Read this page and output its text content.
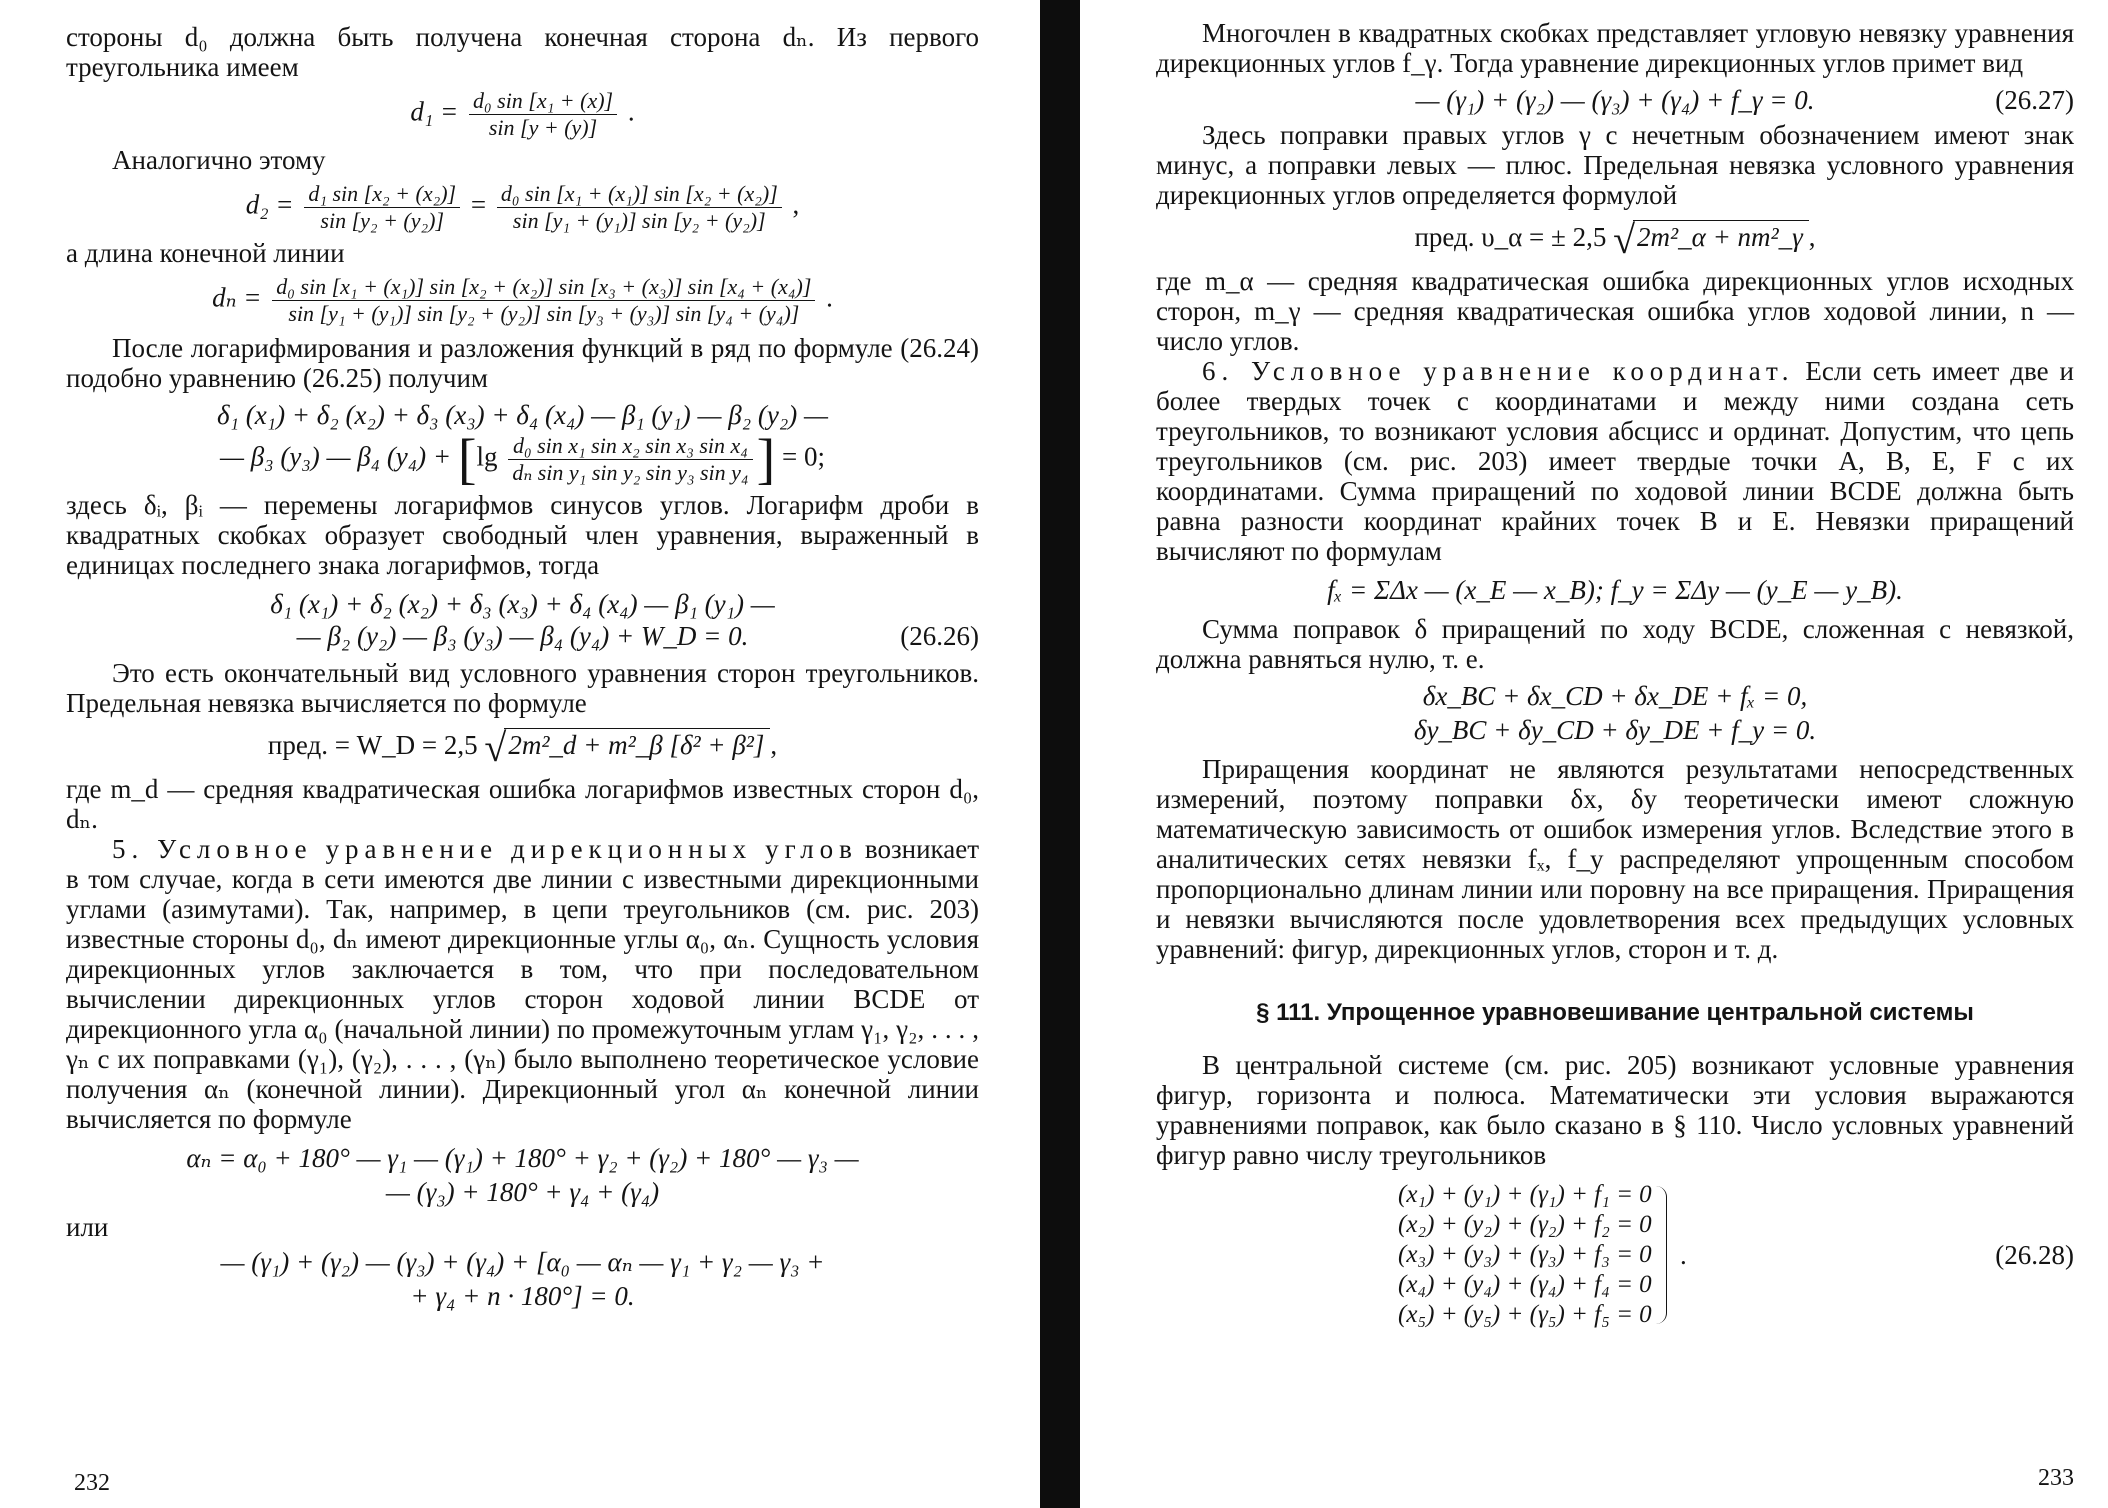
стороны d₀ должна быть получена конечная сторона dₙ. Из первого треугольника имеем

$d_1 = \frac{\text{d₀ sin [x₁ + (x)]}}{\sin [y + (y)]}$ .

Аналогично этому

$d_2 = \frac{\text{d₁ sin [x₂ + (x₂)]}}{\text{sin [y₂ + (y₂)]}} = \frac{\text{d₀ sin [x₁ + (x₁)] sin [x₂ + (x₂)]}}{\text{sin [y₁ + (y₁)] sin [y₂ + (y₂)]}}$ ,

а длина конечной линии

dₙ = d₀ sin [x₁ + (x₁)] sin [x₂ + (x₂)] sin [x₃ + (x₃)] sin [x₄ + (x₄)]
sin [y₁ + (y₁)] sin [y₂ + (y₂)] sin [y₃ + (y₃)] sin [y₄ + (y₄)]
.

После логарифмирования и разложения функций в ряд по формуле (26.24) подобно уравнению (26.25) получим

δ₁ (x₁) + δ₂ (x₂) + δ₃ (x₃) + δ₄ (x₄) — β₁ (y₁) — β₂ (y₂) —
— β₃ (y₃) — β₄ $(y_4) + [\lg \frac{\text{d₀ sin x₁ sin x₂ sin x₃ sin x₄}}{\text{dₙ sin y₁ sin y₂ sin y₃ sin y₄}}$ ] = 0;

здесь δᵢ, βᵢ — перемены логарифмов синусов углов. Логарифм дроби в квадратных скобках образует свободный член уравнения, выраженный в единицах последнего знака логарифмов, тогда

δ₁ (x₁) + δ₂ (x₂) + δ₃ (x₃) + δ₄ (x₄) — β₁ (y₁) —
— β₂ (y₂) — β₃ (y₃) — β₄ (y₄) + W_D = 0.	(26.26)

Это есть окончательный вид условного уравнения сторон треугольников. Предельная невязка вычисляется по формуле

пред. = W_D = 2,5 √2m²_d + m²_β [δ² + β²] ,

где m_d — средняя квадратическая ошибка логарифмов известных сторон d₀, dₙ.

5. Условное уравнение дирекционных углов возникает в том случае, когда в сети имеются две линии с известными дирекционными углами (азимутами). Так, например, в цепи треугольников (см. рис. 203) известные стороны d₀, dₙ имеют дирекционные углы α₀, αₙ. Сущность условия дирекционных углов заключается в том, что при последовательном вычислении дирекционных углов сторон ходовой линии BCDE от дирекционного угла α₀ (начальной линии) по промежуточным углам γ₁, γ₂, . . . , γₙ с их поправками (γ₁), (γ₂), . . . , (γₙ) было выполнено теоретическое условие получения αₙ (конечной линии). Дирекционный угол αₙ конечной линии вычисляется по формуле

αₙ = α₀ + 180° — γ₁ — (γ₁) + 180° + γ₂ + (γ₂) + 180° — γ₃ —
— (γ₃) + 180° + γ₄ + (γ₄)

или

— (γ₁) + (γ₂) — (γ₃) + (γ₄) + [α₀ — αₙ — γ₁ + γ₂ — γ₃ +
+ γ₄ + n · 180°] = 0.
232

Многочлен в квадратных скобках представляет угловую невязку уравнения дирекционных углов f_γ. Тогда уравнение дирекционных углов примет вид

— (γ₁) + (γ₂) — (γ₃) + (γ₄) + f_γ = 0.	(26.27)

Здесь поправки правых углов γ с нечетным обозначением имеют знак минус, а поправки левых — плюс. Предельная невязка условного уравнения дирекционных углов определяется формулой

пред. υ_α = ± 2,5 √2m²_α + nm²_γ ,

где m_α — средняя квадратическая ошибка дирекционных углов исходных сторон, m_γ — средняя квадратическая ошибка углов ходовой линии, n — число углов.

6. Условное уравнение координат. Если сеть имеет две и более твердых точек с координатами и между ними создана сеть треугольников, то возникают условия абсцисс и ординат. Допустим, что цепь треугольников (см. рис. 203) имеет твердые точки A, B, E, F с их координатами. Сумма приращений по ходовой линии BCDE должна быть равна разности координат крайних точек B и E. Невязки приращений вычисляют по формулам

fₓ = ΣΔx — (x_E — x_B); f_y = ΣΔy — (y_E — y_B).

Сумма поправок δ приращений по ходу BCDE, сложенная с невязкой, должна равняться нулю, т. е.

δx_BC + δx_CD + δx_DE + fₓ = 0,
δy_BC + δy_CD + δy_DE + f_y = 0.

Приращения координат не являются результатами непосредственных измерений, поэтому поправки δx, δy теоретически имеют сложную математическую зависимость от ошибок измерения углов. Вследствие этого в аналитических сетях невязки fₓ, f_y распределяют упрощенным способом пропорционально длинам линии или поровну на все приращения. Приращения и невязки вычисляются после удовлетворения всех предыдущих условных уравнений: фигур, дирекционных углов, сторон и т. д.

§ 111. Упрощенное уравновешивание центральной системы

В центральной системе (см. рис. 205) возникают условные уравнения фигур, горизонта и полюса. Математически эти условия выражаются уравнениями поправок, как было сказано в § 110. Число условных уравнений фигур равно числу треугольников

(x₁) + (y₁) + (γ₁) + f₁ = 0
(x₂) + (y₂) + (γ₂) + f₂ = 0
(x₃) + (y₃) + (γ₃) + f₃ = 0
(x₄) + (y₄) + (γ₄) + f₄ = 0
(x₅) + (y₅) + (γ₅) + f₅ = 0
.	(26.28)
233
